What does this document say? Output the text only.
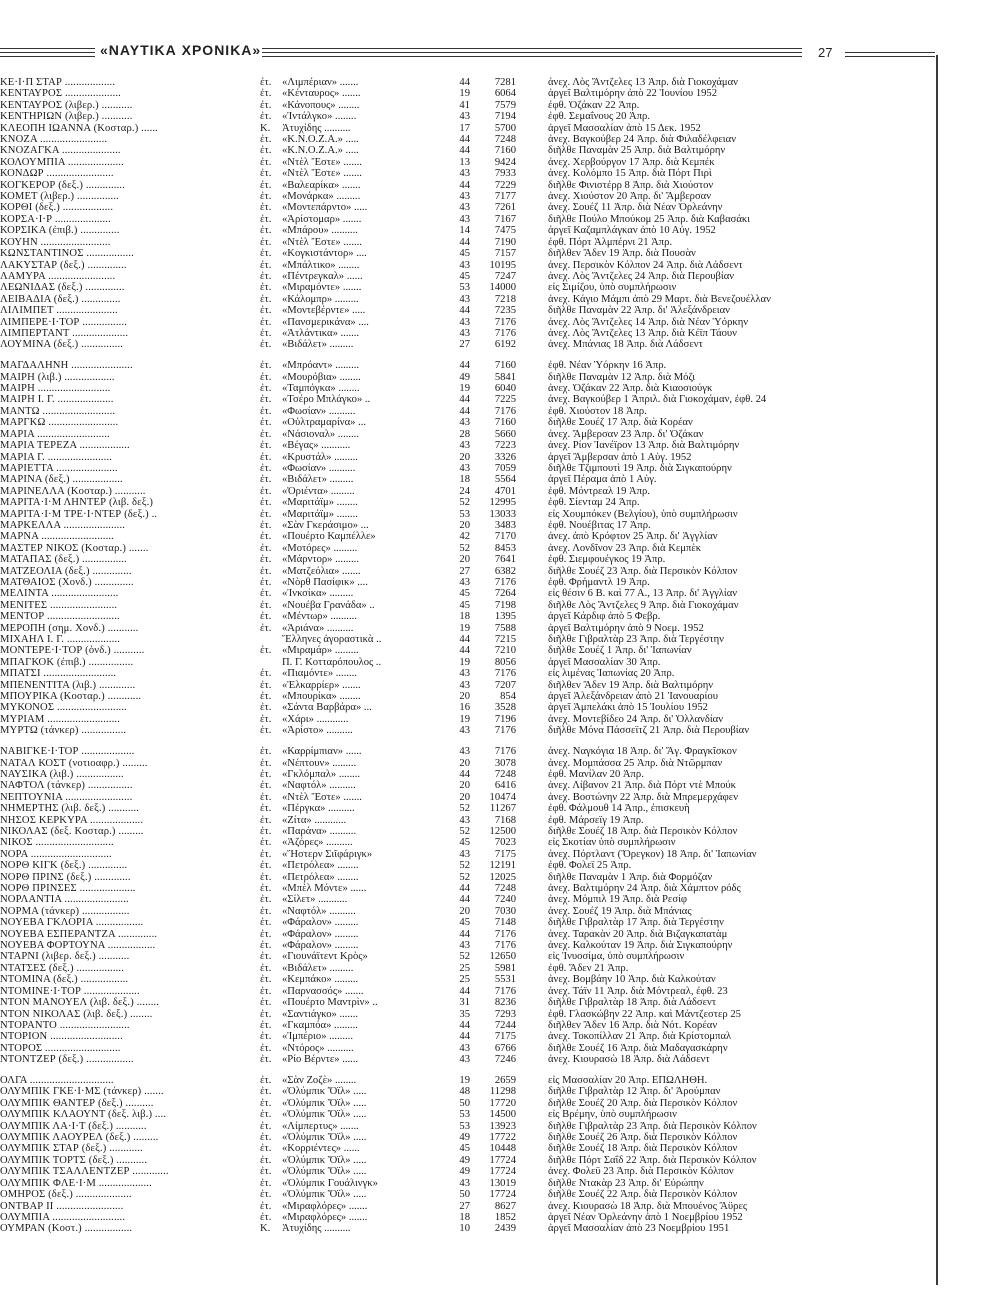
«ΝΑΥΤΙΚΑ ΧΡΟΝΙΚΑ»	27
ΚΕ·Ι·Π ΣΤΑΡ ..................	ἐτ.	«Λιμπέριαν» .......	44	7281	ἀνεχ. Λὸς Ἄντζελες 13 Ἀπρ. διὰ Γιοκοχάμαν
ΚΕΝΤΑΥΡΟΣ ....................	ἐτ.	«Κένταυρος» .......	19	6064	ἀργεῖ Βαλτιμόρην ἀπὸ 22 Ἰουνίου 1952
ΚΕΝΤΑΥΡΟΣ (λιβερ.) ...........	ἐτ.	«Κάνοπους» ........	41	7579	ἐφθ. Ὀζάκαν 22 Ἀπρ.
ΚΕΝΤΗΡΙΩΝ (λιβερ.) ...........	ἐτ.	«Ἰντάλγκο» ........	43	7194	ἐφθ. Σεμαΐνους 20 Ἀπρ.
ΚΛΕΟΠΗ ΙΩΑΝΝΑ (Κοσταρ.) ......	Κ.	Ἀτυχίδης ..........	17	5700	ἀργεῖ Μασσαλίαν ἀπὸ 15 Δεκ. 1952
ΚΝΟΖΑ ........................	ἐτ.	«K.N.O.Z.A.» .....	44	7248	ἀνεχ. Βαγκούβερ 24 Ἀπρ. διὰ Φιλαδέλφειαν
ΚΝΟΖΑΓΚΑ .....................	ἐτ.	«K.N.O.Z.A.» .....	44	7160	διῆλθε Παναμὰν 25 Ἀπρ. διὰ Βαλτιμόρην
ΚΟΛΟΥΜΠΙΑ ....................	ἐτ.	«Ντὲλ Ἔστε» .......	13	9424	ἀνεχ. Χερβούργον 17 Ἀπρ. διὰ Κεμπέκ
ΚΟΝΔΩΡ ........................	ἐτ.	«Ντὲλ Ἔστε» .......	43	7933	ἀνεχ. Κολόμπο 15 Ἀπρ. διὰ Πόρτ Πιρὶ
ΚΟΓΚΕΡΟΡ (δεξ.) ..............	ἐτ.	«Βαλεαρίκα» .......	44	7229	διῆλθε Φινιστέρρ 8 Ἀπρ. διὰ Χιούστον
ΚΟΜΕΤ (λιβερ.) ...............	ἐτ.	«Μονάρκα» .........	43	7177	ἀνεχ. Χιούστον 20 Ἀπρ. δι' Ἄμβερσαν
ΚΟΡΘΙ (δεξ.) ..................	ἐτ.	«Μοντεπάρντο» .....	43	7261	ἀνεχ. Σουέζ 11 Ἀπρ. διὰ Νέαν Ὀρλεάνην
ΚΟΡΣΑ·Ι·Ρ ....................	ἐτ.	«Ἀρίστομαρ» .......	43	7167	διῆλθε Πούλο Μπούκομ 25 Ἀπρ. διὰ Καβασάκι
ΚΟΡΣΙΚΑ (ἐπιβ.) ..............	ἐτ.	«Μπάρου» ..........	14	7475	ἀργεῖ Καζαμπλάγκαν ἀπὸ 10 Αὐγ. 1952
ΚΟΥΗΝ .........................	ἐτ.	«Ντὲλ Ἔστε» .......	44	7190	ἐφθ. Πόρτ Ἀλμπέρνι 21 Ἀπρ.
ΚΩΝΣΤΑΝΤΙΝΟΣ .................	ἐτ.	«Κογκιστάντορ» ....	45	7157	διῆλθεν Ἄδεν 19 Ἀπρ. διὰ Πουσὰν
ΛΑΚΥΣΤΑΡ (δεξ.) ..............	ἐτ.	«Μπάλτικο» ........	43	10195	ἀνεχ. Περσικὸν Κόλπον 24 Ἀπρ. διὰ Λάδσεντ
ΛΑΜΥΡΑ ........................	ἐτ.	«Πέντρεγκαλ» ......	45	7247	ἀνεχ. Λὸς Ἄντζελες 24 Ἀπρ. διὰ Περουβίαν
ΛΕΩΝΙΔΑΣ (δεξ.) ..............	ἐτ.	«Μιραμόντε» .......	53	14000	εἰς Σιμίζου, ὑπὸ συμπλήρωσιν
ΛΕΙΒΑΔΙΑ (δεξ.) ..............	ἐτ.	«Κάλομπρ» .........	43	7218	ἀνεχ. Κάγιο Μάμπι ἀπὸ 29 Μαρτ. διὰ Βενεζουέλλαν
ΛΙΛΙΜΠΕΤ ......................	ἐτ.	«Μοντεβέρντε» .....	44	7235	διῆλθε Παναμὰν 22 Ἀπρ. δι' Ἀλεξάνδρειαν
ΛΙΜΠΕΡΕ·Ι·ΤΟΡ ................	ἐτ.	«Πανσμερικάνα» ....	43	7176	ἀνεχ. Λὸς Ἄντζελες 14 Ἀπρ. διὰ Νέαν Ὑόρκην
ΛΙΜΠΕΡΤΑΝΤ ....................	ἐτ.	«Ἀτλάντικα» .......	43	7176	ἀνεχ. Λὸς Ἄντζελες 13 Ἀπρ. διὰ Κέϊπ Τάουν
ΛΟΥΜΙΝΑ (δεξ.) ...............	ἐτ.	«Βιδάλετ» .........	27	6192	ἀνεχ. Μπάνιας 18 Ἀπρ. διὰ Λάδσεντ
ΜΑΓΔΑΛΗΝΗ ......................	ἐτ.	«Μπρόαντ» .........	44	7160	ἐφθ. Νέαν Ὑόρκην 16 Ἀπρ.
ΜΑΙΡΗ (λιβ.) ..................	ἐτ.	«Μουρόβια» ........	49	5841	διῆλθε Παναμὰν 12 Ἀπρ. διὰ Μόζι
ΜΑΙΡΗ ..........................	ἐτ.	«Ταμπόγκα» ........	19	6040	ἀνεχ. Ὀζάκαν 22 Ἀπρ. διὰ Κιαοσιούγκ
ΜΑΙΡΗ Ι. Γ. ....................	ἐτ.	«Τσέρο Μπλάγκο» ..	44	7225	ἀνεχ. Βαγκούβερ 1 Ἀπριλ. διὰ Γιοκοχάμαν, ἐφθ. 24
ΜΑΝΤΩ ..........................	ἐτ.	«Φωσίαν» ..........	44	7176	ἐφθ. Χιούστον 18 Ἀπρ.
ΜΑΡΓΚΩ .........................	ἐτ.	«Οὐλτραμαρίνα» ...	43	7160	διῆλθε Σουέζ 17 Ἀπρ. διὰ Κορέαν
ΜΑΡΙΑ ..........................	ἐτ.	«Νάσιοναλ» ........	28	5660	ἀνεχ. Ἄμβερσαν 23 Ἀπρ. δι' Ὀζάκαν
ΜΑΡΙΑ ΤΕΡΕΖΑ ..................	ἐτ.	«Βέγας» ...........	43	7223	ἀνεχ. Ρίον Ἰανέϊρον 13 Ἀπρ. διὰ Βαλτιμόρην
ΜΑΡΙΑ Γ. .......................	ἐτ.	«Κρυστάλ» .........	20	3326	ἀργεῖ Ἄμβερσαν ἀπὸ 1 Αὐγ. 1952
ΜΑΡΙΕΤΤΑ ......................	ἐτ.	«Φωσίαν» ..........	43	7059	διῆλθε Τζιμπουτὶ 19 Ἀπρ. διὰ Σιγκαπούρην
ΜΑΡΙΝΑ (δεξ.) ..................	ἐτ.	«Βιδάλετ» .........	18	5564	ἀργεῖ Πέραμα ἀπὸ 1 Αὐγ.
ΜΑΡΙΝΕΛΛΑ (Κοσταρ.) ...........	ἐτ.	«Ὀριέντα» .........	24	4701	ἐφθ. Μόντρεαλ 19 Ἀπρ.
ΜΑΡΙΤΑ·Ι·Μ ΛΗΝΤΕΡ (λιβ. δεξ.)	ἐτ.	«Μαριτάϊμ» ........	52	12995	ἐφθ. Σίενταμ 24 Ἀπρ.
ΜΑΡΙΤΑ·Ι·Μ ΤΡΕ·Ι·ΝΤΕΡ (δεξ.) ..	ἐτ.	«Μαριτάϊμ» ........	53	13033	εἰς Χουμπόκεν (Βελγίου), ὑπὸ συμπλήρωσιν
ΜΑΡΚΕΛΛΑ ......................	ἐτ.	«Σὰν Γκεράσιμο» ...	20	3483	ἐφθ. Νουέβιτας 17 Ἀπρ.
ΜΑΡΝΑ ..........................	ἐτ.	«Πουέρτο Καμπέλλε»	42	7170	ἀνεχ. ἀπὸ Κρόφτον 25 Ἀπρ. δι' Ἀγγλίαν
ΜΑΣΤΕΡ ΝΙΚΟΣ (Κοσταρ.) .......	ἐτ.	«Μοτόρες» .........	52	8453	ἀνεχ. Λονδῖνον 23 Ἀπρ. διὰ Κεμπὲκ
ΜΑΤΑΠΑΣ (δεξ.) ................	ἐτ.	«Μάρντορ» .........	20	7641	ἐφθ. Σιεμφουέγκος 19 Ἀπρ.
ΜΑΤΖΕΟΛΙΑ (δεξ.) ..............	ἐτ.	«Ματζεόλια» .......	27	6382	διῆλθε Σουέζ 23 Ἀπρ. διὰ Περσικὸν Κόλπον
ΜΑΤΘΑΙΟΣ (Χονδ.) ..............	ἐτ.	«Νὸρθ Πασίφικ» ....	43	7176	ἐφθ. Φρήμαντλ 19 Ἀπρ.
ΜΕΛΙΝΤΑ ........................	ἐτ.	«Ἰνκσίκα» .........	45	7264	εἰς θέσιν 6 Β. καὶ 77 Α., 13 Ἀπρ. δι' Ἀγγλίαν
ΜΕΝΙΤΕΣ ........................	ἐτ.	«Νουέβα Γρανάδα» ..	45	7198	διῆλθε Λὸς Ἄντζελες 9 Ἀπρ. διὰ Γιοκοχάμαν
ΜΕΝΤΟΡ ..........................	ἐτ.	«Μέντωρ» ..........	18	1395	ἀργεῖ Κάρδιφ ἀπὸ 5 Φεβρ.
ΜΕΡΟΠΗ (σημ. Χονδ.) ...........	ἐτ.	«Ἀριάνα» ..........	19	7588	ἀργεῖ Βαλτιμόρην ἀπὸ 9 Νοεμ. 1952
ΜΙΧΑΗΛ Ι. Γ. ...................	Ἕλληνες ἀγοραστικὰ ..	44	7215	διῆλθε Γιβραλτὰρ 23 Ἀπρ. διὰ Τεργέστην
ΜΟΝΤΕΡΕ·Ι·ΤΟΡ (ὁνδ.) ...........	ἐτ.	«Μιραμάρ» .........	44	7210	διῆλθε Σουέζ 1 Ἀπρ. δι' Ἰαπωνίαν
ΜΠΑΓΚΟΚ (ἐπιβ.) ................	Π. Γ. Κοτταρόπουλος ..	19	8056	ἀργεῖ Μασσαλίαν 30 Ἀπρ.
ΜΠΑΤΣΙ ..........................	ἐτ.	«Πιαμόντε» ........	43	7176	εἰς λιμένας Ἰαπωνίας 20 Ἀπρ.
ΜΠΕΝΕΝΤΙΤΑ (λιβ.) .............	ἐτ.	«Ἐλκαρρίερ» .......	43	7207	διῆλθεν Ἄδεν 19 Ἀπρ. διὰ Βαλτιμόρην
ΜΠΟΥΡΙΚΑ (Κοσταρ.) ............	ἐτ.	«Μπουρίκα» ........	20	854	ἀργεῖ Ἀλεξάνδρειαν ἀπὸ 21 Ἰανουαρίου
ΜΥΚΟΝΟΣ .........................	ἐτ.	«Σάντα Βαρβάρα» ...	16	3528	ἀργεῖ Ἀμπελάκι ἀπὸ 15 Ἰουλίου 1952
ΜΥΡΙΑΜ ..........................	ἐτ.	«Χάρι» ............	19	7196	ἀνεχ. Μοντεβίδεο 24 Ἀπρ. δι' Ὁλλανδίαν
ΜΥΡΤΩ (τάνκερ) ................	ἐτ.	«Ἀρίστο» ..........	43	7176	διῆλθε Μόνα Πάσσεϊτζ 21 Ἀπρ. διὰ Περουβίαν
ΝΑΒΙΓΚΕ·Ι·ΤΟΡ ...................	ἐτ.	«Καρρίμπιαν» ......	43	7176	ἀνεχ. Ναγκόγια 18 Ἀπρ. δι' Ἄγ. Φραγκῖσκον
ΝΑΤΑΛ ΚΟΣΤ (νοτιοαφρ.) .........	ἐτ.	«Νέπτουν» .........	20	3078	ἀνεχ. Μομπάσσα 25 Ἀπρ. διὰ Ντῶρμπαν
ΝΑΥΣΙΚΑ (λιβ.) .................	ἐτ.	«Γκλόμπαλ» ........	44	7248	ἐφθ. Μανίλαν 20 Ἀπρ.
ΝΑΦΤΟΛ (τάνκερ) ................	ἐτ.	«Ναφτόλ» ..........	20	6416	ἀνεχ. Λίβανον 21 Ἀπρ. διὰ Πόρτ ντὲ Μπούκ
ΝΕΠΤΟΥΝΙΑ ........................	ἐτ.	«Ντὲλ Ἔστε» .......	20	10474	ἀνεχ. Βοστώνην 22 Ἀπρ. διὰ Μπρεμερχάφεν
ΝΗΜΕΡΤΗΣ (λιβ. δεξ.) ...........	ἐτ.	«Πέργκα» ..........	52	11267	ἐφθ. Φάλμουθ 14 Ἀπρ., ἐπισκευὴ
ΝΗΣΟΣ ΚΕΡΚΥΡΑ ...................	ἐτ.	«Ζίτα» ............	43	7168	ἐφθ. Μάρσεϊγ 19 Ἀπρ.
ΝΙΚΟΛΑΣ (δεξ. Κοσταρ.) .........	ἐτ.	«Παράνα» ..........	52	12500	διῆλθε Σουέζ 18 Ἀπρ. διὰ Περσικὸν Κόλπον
ΝΙΚΟΣ ............................	ἐτ.	«Ἀζόρες» ..........	45	7023	εἰς Σκοτίαν ὑπὸ συμπλήρωσιν
ΝΟΡΑ .............................	ἐτ.	«Ἥστερν Σιῖφάριγκ»	43	7175	ἀνεχ. Πόρτλαντ (Ὄρεγκον) 18 Ἀπρ. δι' Ἰαπωνίαν
ΝΟΡΘ ΚΙΓΚ (δεξ.) ..............	ἐτ.	«Πετρόλεα» ........	52	12191	ἐφθ. Φολεϊ 25 Ἀπρ.
ΝΟΡΘ ΠΡΙΝΣ (δεξ.) .............	ἐτ.	«Πετρόλεα» ........	52	12025	διῆλθε Παναμὰν 1 Ἀπρ. διὰ Φορμόζαν
ΝΟΡΘ ΠΡΙΝΣΕΣ ....................	ἐτ.	«Μπὲλ Μόντε» ......	44	7248	ἀνεχ. Βαλτιμόρην 24 Ἀπρ. διὰ Χάμπτον ρόδς
ΝΟΡΛΑΝΤΙΑ .......................	ἐτ.	«Σίλετ» ...........	44	7240	ἀνεχ. Μόμπιλ 19 Ἀπρ. διὰ Ρεσίφ
ΝΟΡΜΑ (τάνκερ) .................	ἐτ.	«Ναφτόλ» ..........	20	7030	ἀνεχ. Σουέζ 19 Ἀπρ. διὰ Μπάνιας
ΝΟΥΕΒΑ ΓΚΛΟΡΙΑ .................	ἐτ.	«Φάραλον» .........	45	7148	διῆλθε Γιβραλτὰρ 17 Ἀπρ. διὰ Τεργέστην
ΝΟΥΕΒΑ ΕΣΠΕΡΑΝΤΖΑ ..............	ἐτ.	«Φάραλον» .........	44	7176	ἀνεχ. Ταρακὰν 20 Ἀπρ. διὰ Βιζαγκαπατὰμ
ΝΟΥΕΒΑ ΦΟΡΤΟΥΝΑ .................	ἐτ.	«Φάραλον» .........	43	7176	ἀνεχ. Καλκούταν 19 Ἀπρ. διὰ Σιγκαπούρην
ΝΤΑΡΝΙ (λιβερ. δεξ.) ...........	ἐτ.	«Γιουνάϊτεντ Κρὸς»	52	12650	εἰς Ἰνυοσίμα, ὑπὸ συμπλήρωσιν
ΝΤΑΤΣΕΣ (δεξ.) .................	ἐτ.	«Βιδάλετ» .........	25	5981	ἐφθ. Ἄδεν 21 Ἀπρ.
ΝΤΟΜΙΝΑ (δεξ.) .................	ἐτ.	«Κεμπάκο» .........	25	5531	ἀνεχ. Βομβάην 10 Ἀπρ. διὰ Καλκούταν
ΝΤΟΜΙΝΕ·Ι·ΤΟΡ ....................	ἐτ.	«Παρνασσός» .......	44	7176	ἀνεχ. Τάϊν 11 Ἀπρ. διὰ Μόντρεαλ, ἐφθ. 23
ΝΤΟΝ ΜΑΝΟΥΕΛ (λιβ. δεξ.) ........	ἐτ.	«Πουέρτο Μαντρὶν» ..	31	8236	διῆλθε Γιβραλτὰρ 18 Ἀπρ. διὰ Λάδσεντ
ΝΤΟΝ ΝΙΚΟΛΑΣ (λιβ. δεξ.) ........	ἐτ.	«Σαντιάγκο» .......	35	7293	ἐφθ. Γλασκώβην 22 Ἀπρ. καὶ Μάντζεστερ 25
ΝΤΟΡΑΝΤΟ .........................	ἐτ.	«Γκαμπόα» .........	44	7244	διῆλθεν Ἄδεν 16 Ἀπρ. διὰ Νότ. Κορέαν
ΝΤΟΡΙΟΝ ..........................	ἐτ.	«Ἰμπέριο» .........	44	7175	ἀνεχ. Τοκοπίλλαν 21 Ἀπρ. διὰ Κρίστομπαλ
ΝΤΟΡΟΣ ...........................	ἐτ.	«Ντόρος» ..........	43	6766	διῆλθε Σουέζ 16 Ἀπρ. διὰ Μαδαγασκάρην
ΝΤΟΝΤΖΕΡ (δεξ.) .................	ἐτ.	«Ρίο Βέρντε» ......	43	7246	ἀνεχ. Κιουρασὼ 18 Ἀπρ. διὰ Λάδσεντ
ΟΛΓΑ ..............................	ἐτ.	«Σὰν Ζοζὲ» ........	19	2659	εἰς Μασσαλίαν 20 Ἀπρ. ΕΠΩΛΗΘΗ.
ΟΛΥΜΠΙΚ ΓΚΕ·Ι·ΜΣ (τάνκερ) .......	ἐτ.	«Ὀλύμπικ Ὄϊλ» .....	48	11298	διῆλθε Γιβραλτὰρ 12 Ἀπρ. δι' Ἀρούμπαν
ΟΛΥΜΠΙΚ ΘΑΝΤΕΡ (δεξ.) ..........	ἐτ.	«Ὀλύμπικ Ὄϊλ» .....	50	17720	διῆλθε Σουέζ 20 Ἀπρ. διὰ Περσικὸν Κόλπον
ΟΛΥΜΠΙΚ ΚΛΑΟΥΝΤ (δεξ. λιβ.) ....	ἐτ.	«Ὀλύμπικ Ὄϊλ» .....	53	14500	εἰς Βρέμην, ὑπὸ συμπλήρωσιν
ΟΛΥΜΠΙΚ ΛΑ·Ι·Τ (δεξ.) ...........	ἐτ.	«Λίμπερτυς» .......	53	13923	διῆλθε Γιβραλτὰρ 23 Ἀπρ. διὰ Περσικὸν Κόλπον
ΟΛΥΜΠΙΚ ΛΑΟΥΡΕΛ (δεξ.) .........	ἐτ.	«Ὀλύμπικ Ὄϊλ» .....	49	17722	διῆλθε Σουέζ 26 Ἀπρ. διὰ Περσικὸν Κόλπον
ΟΛΥΜΠΙΚ ΣΤΑΡ (δεξ.) ............	ἐτ.	«Κορριέντες» ......	45	10448	διῆλθε Σουέζ 18 Ἀπρ. διὰ Περσικὸν Κόλπον
ΟΛΥΜΠΙΚ ΤΟΡΤΣ (δεξ.) ...........	ἐτ.	«Ὀλύμπικ Ὄϊλ» .....	49	17724	διῆλθε Πόρτ Σαΐδ 22 Ἀπρ. διὰ Περσικὸν Κόλπον
ΟΛΥΜΠΙΚ ΤΣΑΛΛΕΝΤΖΕΡ .............	ἐτ.	«Ὀλύμπικ Ὄϊλ» .....	49	17724	ἀνεχ. Φολεϋ 23 Ἀπρ. διὰ Περσικὸν Κόλπον
ΟΛΥΜΠΙΚ ΦΛΕ·Ι·Μ ...................	ἐτ.	«Ὀλύμπικ Γουάλινγκ»	43	13019	διῆλθε Ντακὰρ 23 Ἀπρ. δι' Εὐρώπην
ΟΜΗΡΟΣ (δεξ.) ....................	ἐτ.	«Ὀλύμπικ Ὄϊλ» .....	50	17724	διῆλθε Σουέζ 22 Ἀπρ. διὰ Περσικὸν Κόλπον
ΟΝΤΒΑΡ ΙΙ ........................	ἐτ.	«Μιραφλόρες» .......	27	8627	ἀνεχ. Κιουρασὼ 18 Ἀπρ. διὰ Μπουένος Ἄϋρες
ΟΛΥΜΠΙΑ ..........................	ἐτ.	«Μιραφλόρες» .......	18	1852	ἀργεῖ Νέαν Ὀρλεάνην ἀπὸ 1 Νοεμβρίου 1952
ΟΥΜΡΑΝ (Κοστ.) .................	Κ.	Ἀτυχίδης ..........	10	2439	ἀργεῖ Μασσαλίαν ἀπὸ 23 Νοεμβρίου 1951
